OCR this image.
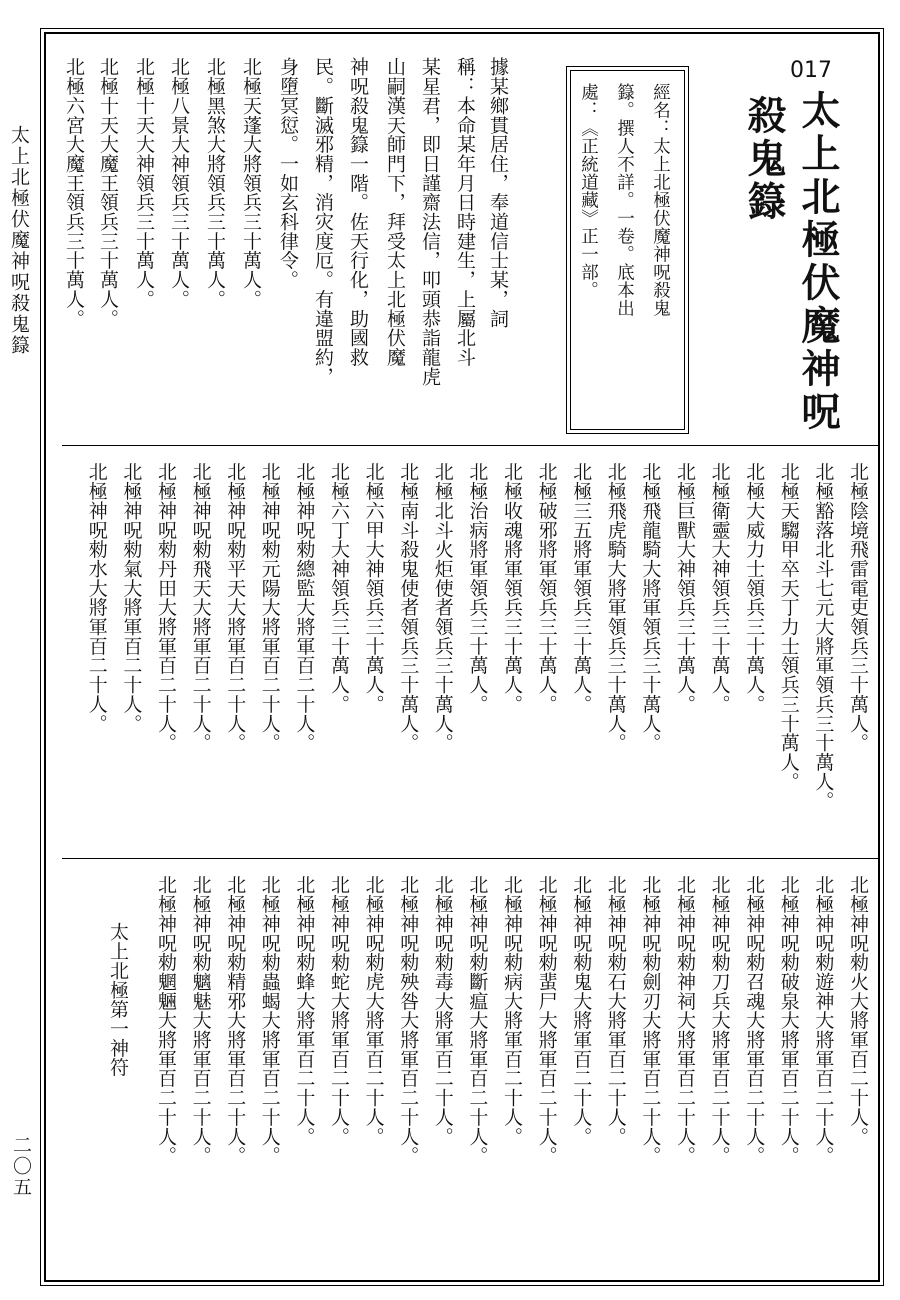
太上北極伏魔神呪殺鬼籙
二〇五
017
太上北極伏魔神呪
殺鬼籙
經名：太上北極伏魔神呪殺鬼
籙。撰人不詳。一卷。底本出
處：《正統道藏》正一部。
據某鄉貫居住，奉道信士某，詞
稱：本命某年月日時建生，上屬北斗
某星君，即日謹齋法信，叩頭恭詣龍虎
山嗣漢天師門下，拜受太上北極伏魔
神呪殺鬼籙一階。佐天行化，助國救
民。斷滅邪精，消灾度厄。有違盟約，
身墮冥愆。一如玄科律令。
北極天蓬大將領兵三十萬人。
北極黑煞大將領兵三十萬人。
北極八景大神領兵三十萬人。
北極十天大神領兵三十萬人。
北極十天大魔王領兵三十萬人。
北極六宮大魔王領兵三十萬人。
北極陰境飛雷電吏領兵三十萬人。
北極豁落北斗七元大將軍領兵三十萬人。
北極天騶甲卒天丁力士領兵三十萬人。
北極大威力士領兵三十萬人。
北極衛靈大神領兵三十萬人。
北極巨獸大神領兵三十萬人。
北極飛龍騎大將軍領兵三十萬人。
北極飛虎騎大將軍領兵三十萬人。
北極三五將軍領兵三十萬人。
北極破邪將軍領兵三十萬人。
北極收魂將軍領兵三十萬人。
北極治病將軍領兵三十萬人。
北極北斗火炬使者領兵三十萬人。
北極南斗殺鬼使者領兵三十萬人。
北極六甲大神領兵三十萬人。
北極六丁大神領兵三十萬人。
北極神呪勑總監大將軍百二十人。
北極神呪勑元陽大將軍百二十人。
北極神呪勑平天大將軍百二十人。
北極神呪勑飛天大將軍百二十人。
北極神呪勑丹田大將軍百二十人。
北極神呪勑氣大將軍百二十人。
北極神呪勑水大將軍百二十人。
北極神呪勑火大將軍百二十人。
北極神呪勑遊神大將軍百二十人。
北極神呪勑破泉大將軍百二十人。
北極神呪勑召魂大將軍百二十人。
北極神呪勑刀兵大將軍百二十人。
北極神呪勑神祠大將軍百二十人。
北極神呪勑劍刃大將軍百二十人。
北極神呪勑石大將軍百二十人。
北極神呪勑鬼大將軍百二十人。
北極神呪勑蜚尸大將軍百二十人。
北極神呪勑病大將軍百二十人。
北極神呪勑斷瘟大將軍百二十人。
北極神呪勑毒大將軍百二十人。
北極神呪勑殃咎大將軍百二十人。
北極神呪勑虎大將軍百二十人。
北極神呪勑蛇大將軍百二十人。
北極神呪勑蜂大將軍百二十人。
北極神呪勑蟲蝎大將軍百二十人。
北極神呪勑精邪大將軍百二十人。
北極神呪勑魑魅大將軍百二十人。
北極神呪勑魍魎大將軍百二十人。
太上北極第一神符
